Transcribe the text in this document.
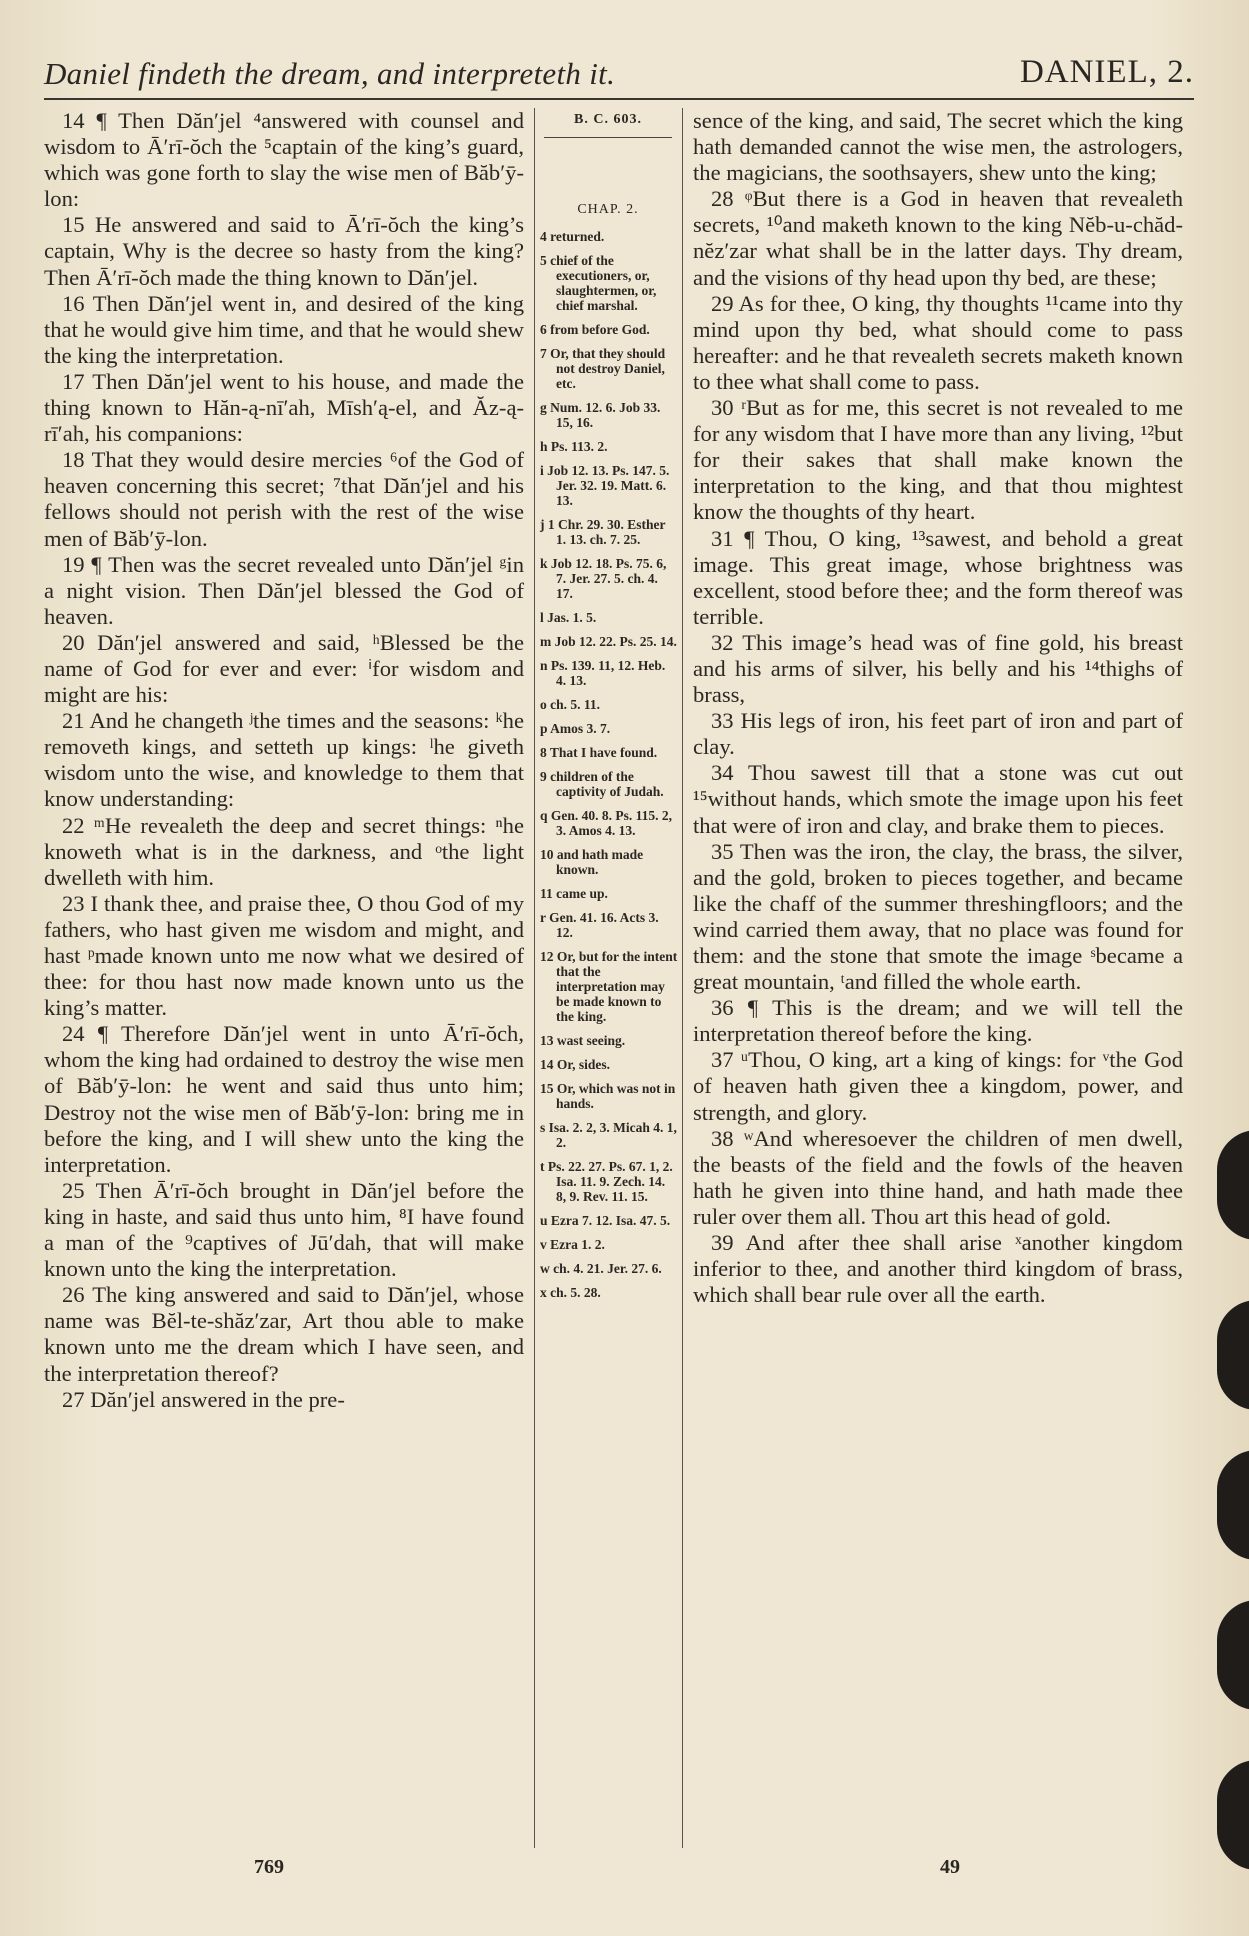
Daniel findeth the dream, and interpreteth it.	DANIEL, 2.

14 ¶ Then Dăn′jel ⁴answered with counsel and wisdom to Ā′rī-ŏch the ⁵captain of the king’s guard, which was gone forth to slay the wise men of Băb′ȳ-lon:

15 He answered and said to Ā′rī-ŏch the king’s captain, Why is the decree so hasty from the king? Then Ā′rī-ŏch made the thing known to Dăn′jel.

16 Then Dăn′jel went in, and desired of the king that he would give him time, and that he would shew the king the interpretation.

17 Then Dăn′jel went to his house, and made the thing known to Hăn-ą-nī′ah, Mīsh′ą-el, and Ăz-ą-rī′ah, his companions:

18 That they would desire mercies ⁶of the God of heaven concerning this secret; ⁷that Dăn′jel and his fellows should not perish with the rest of the wise men of Băb′ȳ-lon.

19 ¶ Then was the secret revealed unto Dăn′jel ᵍin a night vision. Then Dăn′jel blessed the God of heaven.

20 Dăn′jel answered and said, ʰBlessed be the name of God for ever and ever: ⁱfor wisdom and might are his:

21 And he changeth ʲthe times and the seasons: ᵏhe removeth kings, and setteth up kings: ˡhe giveth wisdom unto the wise, and knowledge to them that know understanding:

22 ᵐHe revealeth the deep and secret things: ⁿhe knoweth what is in the darkness, and ᵒthe light dwelleth with him.

23 I thank thee, and praise thee, O thou God of my fathers, who hast given me wisdom and might, and hast ᵖmade known unto me now what we desired of thee: for thou hast now made known unto us the king’s matter.

24 ¶ Therefore Dăn′jel went in unto Ā′rī-ŏch, whom the king had ordained to destroy the wise men of Băb′ȳ-lon: he went and said thus unto him; Destroy not the wise men of Băb′ȳ-lon: bring me in before the king, and I will shew unto the king the interpretation.

25 Then Ā′rī-ŏch brought in Dăn′jel before the king in haste, and said thus unto him, ⁸I have found a man of the ⁹captives of Jū′dah, that will make known unto the king the interpretation.

26 The king answered and said to Dăn′jel, whose name was Bĕl-te-shăz′zar, Art thou able to make known unto me the dream which I have seen, and the interpretation thereof?

27 Dăn′jel answered in the pre-

B. C. 603.
CHAP. 2.
4 returned.
5 chief of the executioners, or, slaughtermen, or, chief marshal.
6 from before God.
7 Or, that they should not destroy Daniel, etc.
g Num. 12. 6. Job 33. 15, 16.
h Ps. 113. 2.
i Job 12. 13. Ps. 147. 5. Jer. 32. 19. Matt. 6. 13.
j 1 Chr. 29. 30. Esther 1. 13. ch. 7. 25.
k Job 12. 18. Ps. 75. 6, 7. Jer. 27. 5. ch. 4. 17.
l Jas. 1. 5.
m Job 12. 22. Ps. 25. 14.
n Ps. 139. 11, 12. Heb. 4. 13.
o ch. 5. 11.
p Amos 3. 7.
8 That I have found.
9 children of the captivity of Judah.
q Gen. 40. 8. Ps. 115. 2, 3. Amos 4. 13.
10 and hath made known.
11 came up.
r Gen. 41. 16. Acts 3. 12.
12 Or, but for the intent that the interpretation may be made known to the king.
13 wast seeing.
14 Or, sides.
15 Or, which was not in hands.
s Isa. 2. 2, 3. Micah 4. 1, 2.
t Ps. 22. 27. Ps. 67. 1, 2. Isa. 11. 9. Zech. 14. 8, 9. Rev. 11. 15.
u Ezra 7. 12. Isa. 47. 5.
v Ezra 1. 2.
w ch. 4. 21. Jer. 27. 6.
x ch. 5. 28.

sence of the king, and said, The secret which the king hath demanded cannot the wise men, the astrologers, the magicians, the soothsayers, shew unto the king;

28 ᵠBut there is a God in heaven that revealeth secrets, ¹⁰and maketh known to the king Nĕb-u-chăd-nĕz′zar what shall be in the latter days. Thy dream, and the visions of thy head upon thy bed, are these;

29 As for thee, O king, thy thoughts ¹¹came into thy mind upon thy bed, what should come to pass hereafter: and he that revealeth secrets maketh known to thee what shall come to pass.

30 ʳBut as for me, this secret is not revealed to me for any wisdom that I have more than any living, ¹²but for their sakes that shall make known the interpretation to the king, and that thou mightest know the thoughts of thy heart.

31 ¶ Thou, O king, ¹³sawest, and behold a great image. This great image, whose brightness was excellent, stood before thee; and the form thereof was terrible.

32 This image’s head was of fine gold, his breast and his arms of silver, his belly and his ¹⁴thighs of brass,

33 His legs of iron, his feet part of iron and part of clay.

34 Thou sawest till that a stone was cut out ¹⁵without hands, which smote the image upon his feet that were of iron and clay, and brake them to pieces.

35 Then was the iron, the clay, the brass, the silver, and the gold, broken to pieces together, and became like the chaff of the summer threshingfloors; and the wind carried them away, that no place was found for them: and the stone that smote the image ˢbecame a great mountain, ᵗand filled the whole earth.

36 ¶ This is the dream; and we will tell the interpretation thereof before the king.

37 ᵘThou, O king, art a king of kings: for ᵛthe God of heaven hath given thee a kingdom, power, and strength, and glory.

38 ʷAnd wheresoever the children of men dwell, the beasts of the field and the fowls of the heaven hath he given into thine hand, and hath made thee ruler over them all. Thou art this head of gold.

39 And after thee shall arise ˣanother kingdom inferior to thee, and another third kingdom of brass, which shall bear rule over all the earth.

769	49
